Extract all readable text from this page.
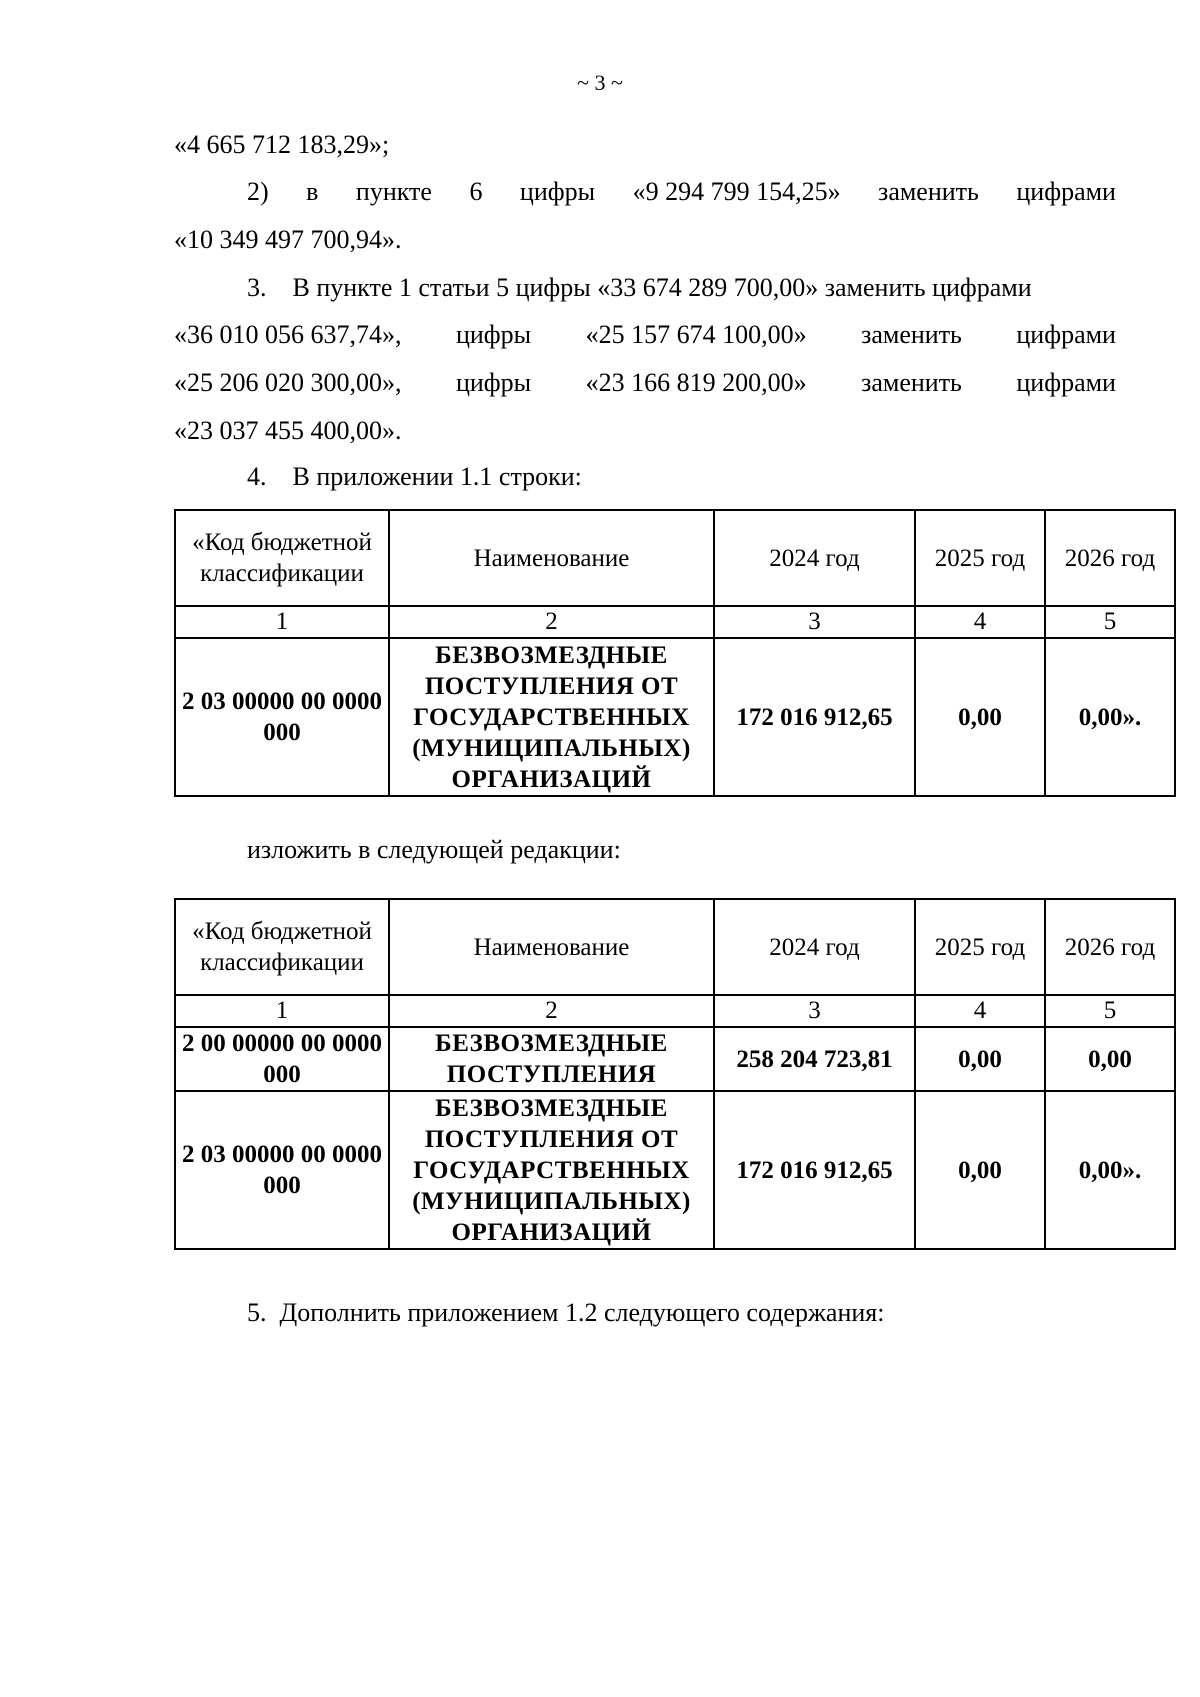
~ 3 ~
«4 665 712 183,29»;
2) в пункте 6 цифры «9 294 799 154,25» заменить цифрами
«10 349 497 700,94».
3.    В пункте 1 статьи 5 цифры «33 674 289 700,00» заменить цифрами
«36 010 056 637,74», цифры «25 157 674 100,00» заменить цифрами
«25 206 020 300,00», цифры «23 166 819 200,00» заменить цифрами
«23 037 455 400,00».
4.    В приложении 1.1 строки:
«Код бюджетной классификации	Наименование	2024 год	2025 год	2026 год
1	2	3	4	5
2 03 00000 00 0000 000	БЕЗВОЗМЕЗДНЫЕ ПОСТУПЛЕНИЯ ОТ ГОСУДАРСТВЕННЫХ (МУНИЦИПАЛЬНЫХ) ОРГАНИЗАЦИЙ	172 016 912,65	0,00	0,00».
изложить в следующей редакции:
«Код бюджетной классификации	Наименование	2024 год	2025 год	2026 год
1	2	3	4	5
2 00 00000 00 0000 000	БЕЗВОЗМЕЗДНЫЕ ПОСТУПЛЕНИЯ	258 204 723,81	0,00	0,00
2 03 00000 00 0000 000	БЕЗВОЗМЕЗДНЫЕ ПОСТУПЛЕНИЯ ОТ ГОСУДАРСТВЕННЫХ (МУНИЦИПАЛЬНЫХ) ОРГАНИЗАЦИЙ	172 016 912,65	0,00	0,00».
5.  Дополнить приложением 1.2 следующего содержания:
